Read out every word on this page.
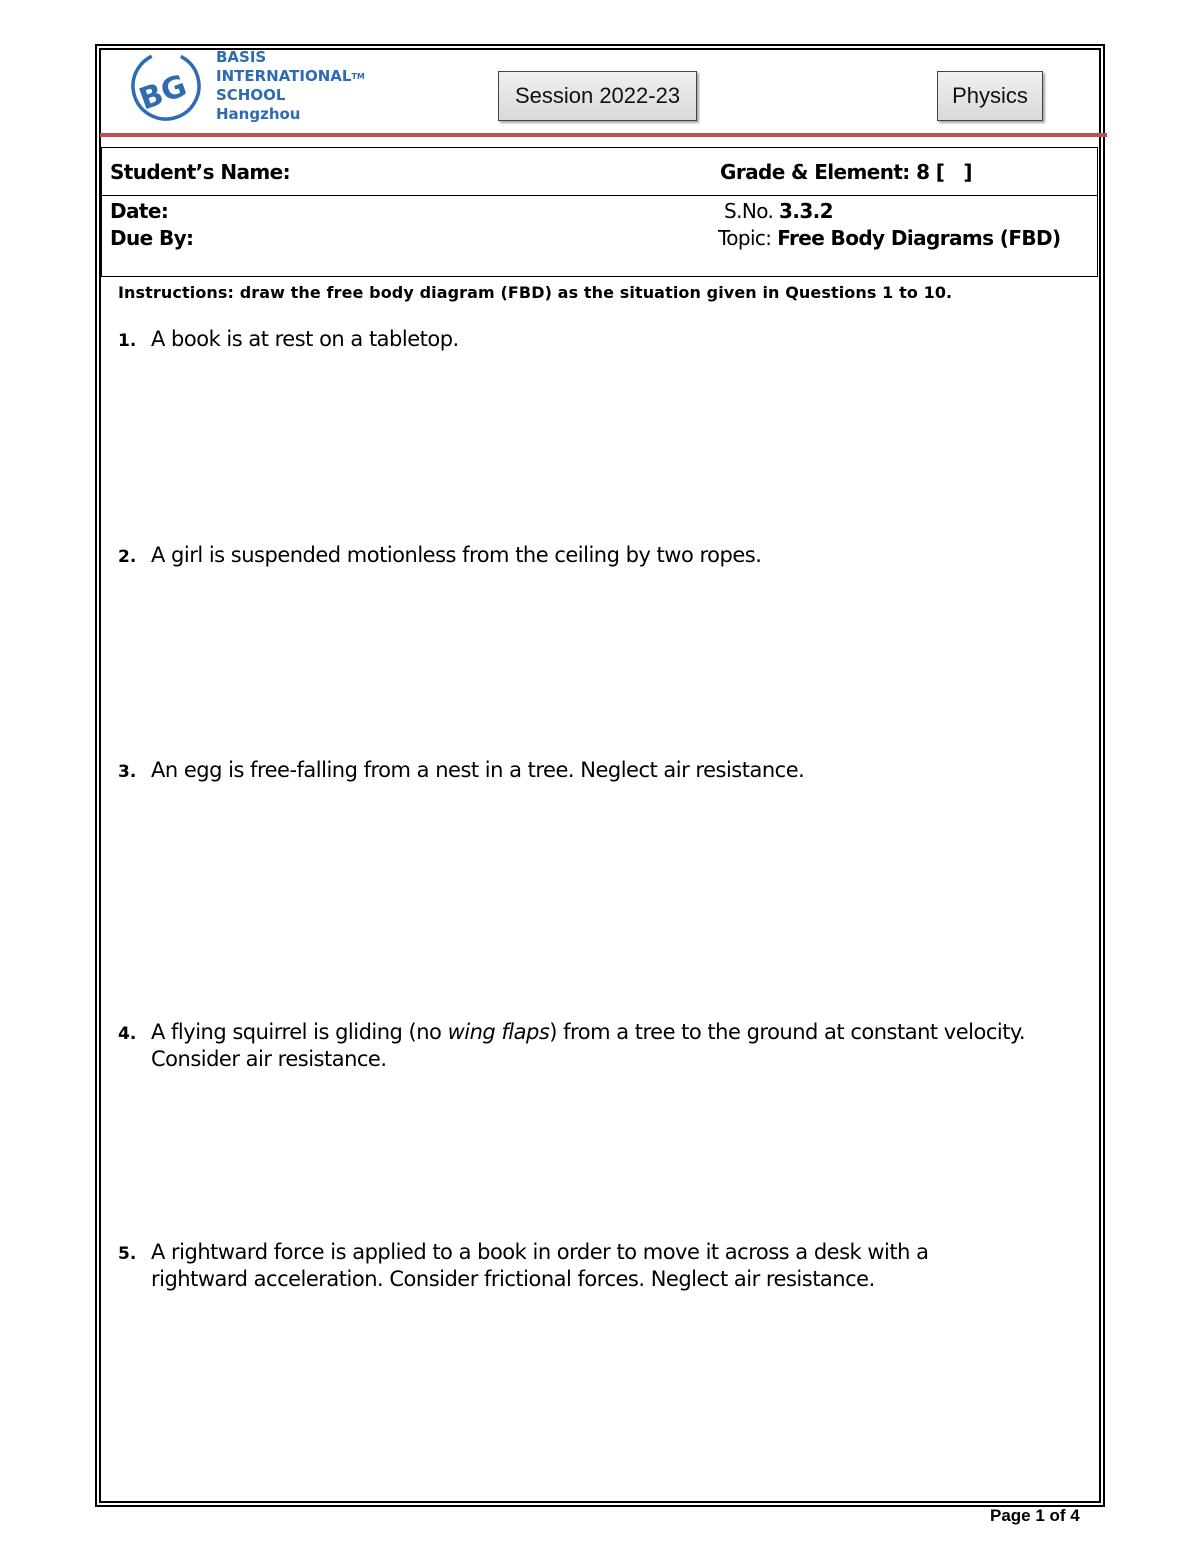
BG
BASIS
INTERNATIONAL™
SCHOOL
Hangzhou
Session 2022-23	Physics
Student’s Name:	Grade & Element: 8 [   ]
Date:
Due By:
S.No. 3.3.2
Topic: Free Body Diagrams (FBD)
Instructions: draw the free body diagram (FBD) as the situation given in Questions 1 to 10.
1. A book is at rest on a tabletop.
2. A girl is suspended motionless from the ceiling by two ropes.
3. An egg is free-falling from a nest in a tree. Neglect air resistance.
4. A flying squirrel is gliding (no wing flaps) from a tree to the ground at constant velocity. Consider air resistance.
5. A rightward force is applied to a book in order to move it across a desk with a rightward acceleration. Consider frictional forces. Neglect air resistance.
Page 1 of 4
